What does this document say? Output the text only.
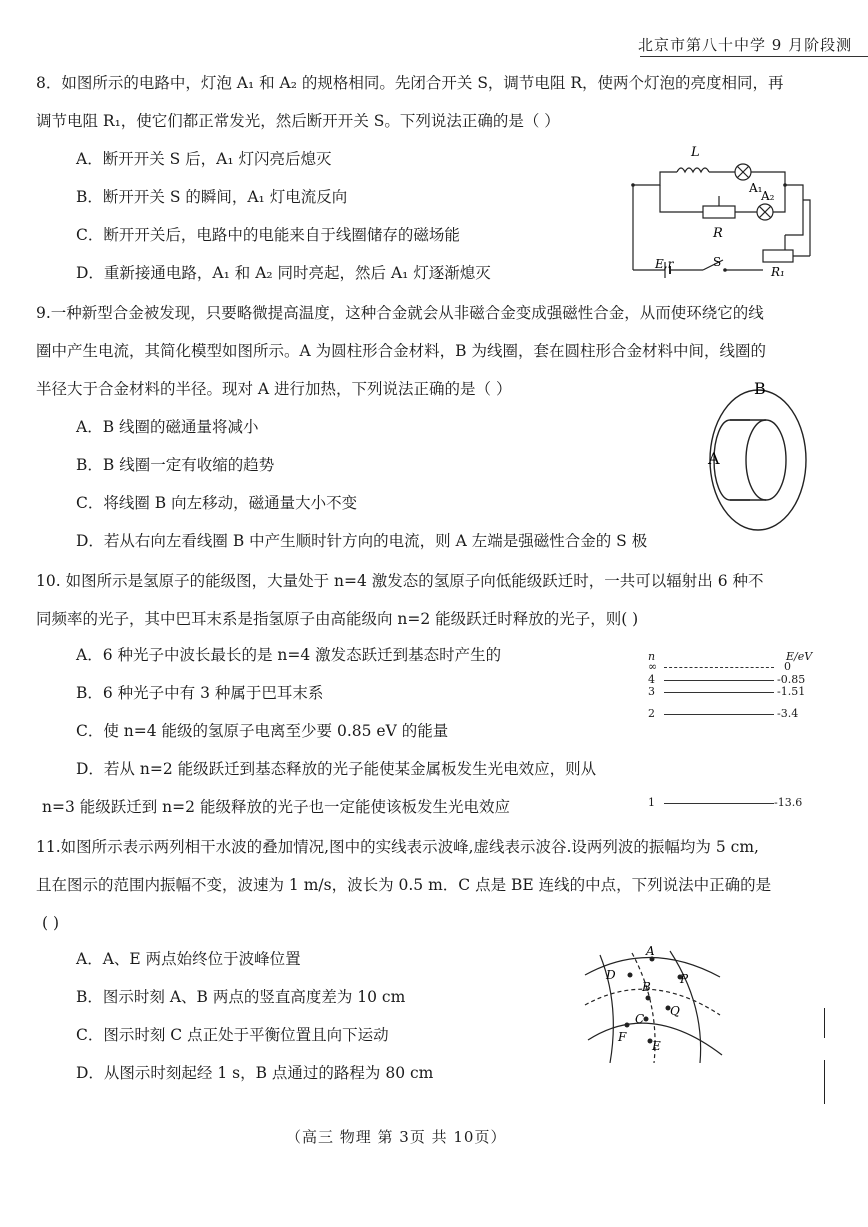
北京市第八十中学 9 月阶段测
8．如图所示的电路中，灯泡 A₁ 和 A₂ 的规格相同。先闭合开关 S，调节电阻 R，使两个灯泡的亮度相同，再
调节电阻 R₁，使它们都正常发光，然后断开开关 S。下列说法正确的是（ ）
A．断开开关 S 后，A₁ 灯闪亮后熄灭
B．断开开关 S 的瞬间，A₁ 灯电流反向
C．断开开关后，电路中的电能来自于线圈储存的磁场能
D．重新接通电路，A₁ 和 A₂ 同时亮起，然后 A₁ 灯逐渐熄灭
L
A₁
A₂
R
E,r	S
R₁
9.一种新型合金被发现，只要略微提高温度，这种合金就会从非磁合金变成强磁性合金，从而使环绕它的线
圈中产生电流，其简化模型如图所示。A 为圆柱形合金材料，B 为线圈，套在圆柱形合金材料中间，线圈的
半径大于合金材料的半径。现对 A 进行加热，下列说法正确的是（ ）
A．B 线圈的磁通量将减小
B．B 线圈一定有收缩的趋势
C．将线圈 B 向左移动，磁通量大小不变
D．若从右向左看线圈 B 中产生顺时针方向的电流，则 A 左端是强磁性合金的 S 极
B
A
10. 如图所示是氢原子的能级图，大量处于 n=4 激发态的氢原子向低能级跃迁时，一共可以辐射出 6 种不
同频率的光子，其中巴耳末系是指氢原子由高能级向 n=2 能级跃迁时释放的光子，则( )
A．6 种光子中波长最长的是 n=4 激发态跃迁到基态时产生的
B．6 种光子中有 3 种属于巴耳末系
C．使 n=4 能级的氢原子电离至少要 0.85 eV 的能量
D．若从 n=2 能级跃迁到基态释放的光子能使某金属板发生光电效应，则从
n=3 能级跃迁到 n=2 能级释放的光子也一定能使该板发生光电效应
n	E/eV
∞	0
4	-0.85
3	-1.51
2	-3.4
1	-13.6
11.如图所示表示两列相干水波的叠加情况,图中的实线表示波峰,虚线表示波谷.设两列波的振幅均为 5 cm,
且在图示的范围内振幅不变，波速为 1 m/s，波长为 0.5 m．C 点是 BE 连线的中点，下列说法中正确的是
( )
A．A、E 两点始终位于波峰位置
B．图示时刻 A、B 两点的竖直高度差为 10 cm
C．图示时刻 C 点正处于平衡位置且向下运动
D．从图示时刻起经 1 s，B 点通过的路程为 80 cm
A
D	P
B
Q
C
F
E
（高三 物理 第 3页 共 10页）
